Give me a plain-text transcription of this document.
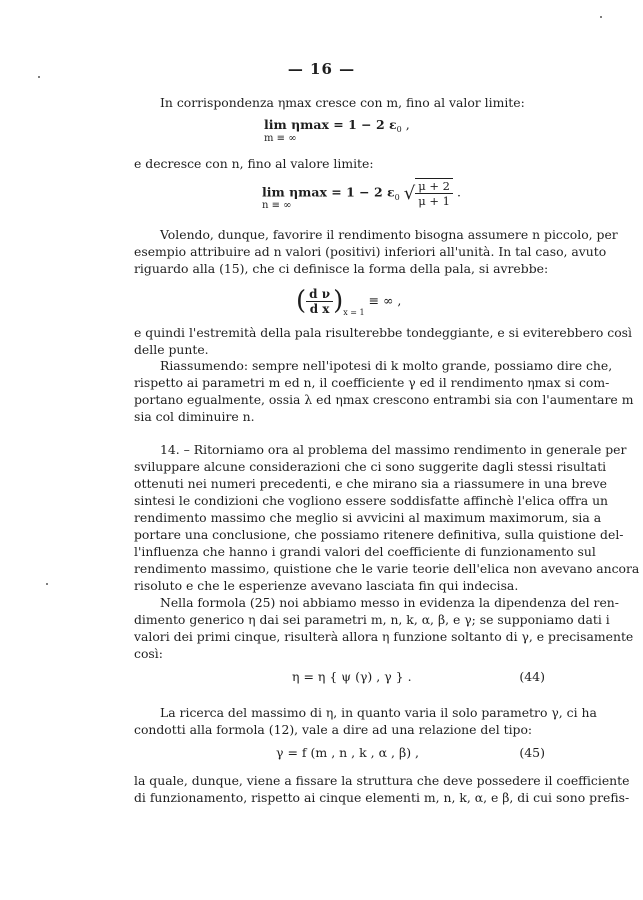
— 16 —
In corrispondenza ηmax cresce con m, fino al valor limite:
lim ηmax = 1 − 2 $\varepsilon_0$ ,
m ≡ ∞
e decresce con n, fino al valore limite:
lim ηmax = 1 − 2 $\varepsilon_0$ √ $\frac{\mu + 2}{\mu + 1}$ .
n ≡ ∞
Volendo, dunque, favorire il rendimento bisogna assumere n piccolo, per
esempio attribuire ad n valori (positivi) inferiori all'unità. In tal caso, avuto
riguardo alla (15), che ci definisce la forma della pala, si avrebbe:
( $\frac{\text{d ν}}{\text{d x}} )_{x = 1}$ ≡ ∞ ,
e quindi l'estremità della pala risulterebbe tondeggiante, e si eviterebbero così
delle punte.
Riassumendo: sempre nell'ipotesi di k molto grande, possiamo dire che,
rispetto ai parametri m ed n, il coefficiente γ ed il rendimento ηmax si com-
portano egualmente, ossia λ ed ηmax crescono entrambi sia con l'aumentare m
sia col diminuire n.
14. – Ritorniamo ora al problema del massimo rendimento in generale per
sviluppare alcune considerazioni che ci sono suggerite dagli stessi risultati
ottenuti nei numeri precedenti, e che mirano sia a riassumere in una breve
sintesi le condizioni che vogliono essere soddisfatte affinchè l'elica offra un
rendimento massimo che meglio si avvicini al maximum maximorum, sia a
portare una conclusione, che possiamo ritenere definitiva, sulla quistione del-
l'influenza che hanno i grandi valori del coefficiente di funzionamento sul
rendimento massimo, quistione che le varie teorie dell'elica non avevano ancora
risoluto e che le esperienze avevano lasciata fin qui indecisa.
Nella formola (25) noi abbiamo messo in evidenza la dipendenza del ren-
dimento generico η dai sei parametri m, n, k, α, β, e γ; se supponiamo dati i
valori dei primi cinque, risulterà allora η funzione soltanto di γ, e precisamente
così:
η = η { ψ (γ) , γ } .	(44)
La ricerca del massimo di η, in quanto varia il solo parametro γ, ci ha
condotti alla formola (12), vale a dire ad una relazione del tipo:
γ = f (m , n , k , α , β) ,	(45)
la quale, dunque, viene a fissare la struttura che deve possedere il coefficiente
di funzionamento, rispetto ai cinque elementi m, n, k, α, e β, di cui sono prefis-
